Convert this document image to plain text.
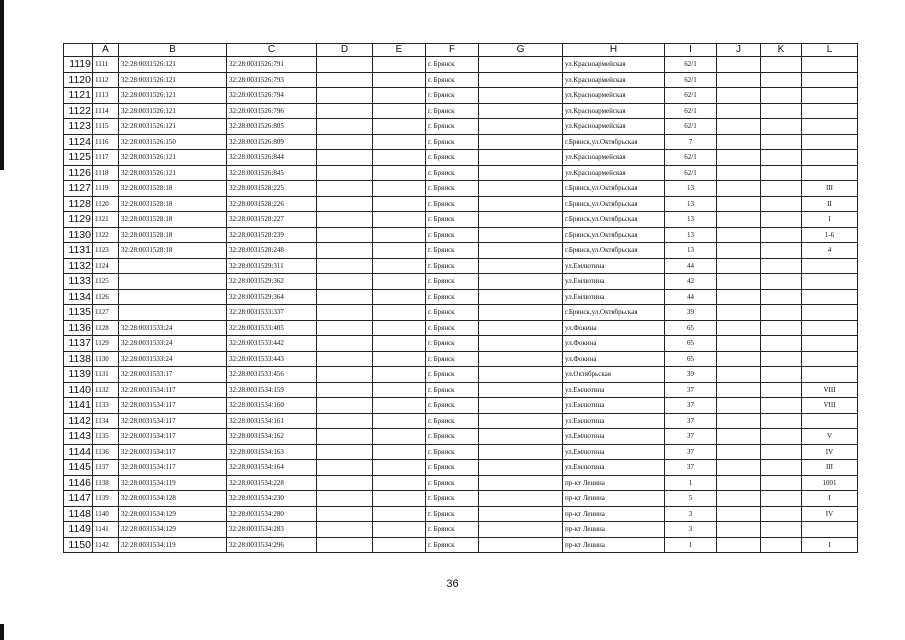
	A	B	C	D	E	F	G	H	I	J	K	L
1119	1111	32:28:0031526:121	32:28:0031526:791			г. Брянск		ул.Красноармейская	62/1			
1120	1112	32:28:0031526:121	32:28:0031526:793			г. Брянск		ул.Красноармейская	62/1			
1121	1113	32:28:0031526:121	32:28:0031526:794			г. Брянск		ул.Красноармейская	62/1			
1122	1114	32:28:0031526:121	32:28:0031526:796			г. Брянск		ул.Красноармейская	62/1			
1123	1115	32:28:0031526:121	32:28:0031526:805			г. Брянск		ул.Красноармейская	62/1			
1124	1116	32:28:0031526:150	32:28:0031526:809			г. Брянск		г.Брянск,ул.Октябрьская	7			
1125	1117	32:28:0031526:121	32:28:0031526:844			г. Брянск		ул.Красноармейская	62/1			
1126	1118	32:28:0031526:121	32:28:0031526:845			г. Брянск		ул.Красноармейская	62/1			
1127	1119	32:28:0031528:18	32:28:0031528:225			г. Брянск		г.Брянск,ул.Октябрьская	13			III
1128	1120	32:28:0031528:18	32:28:0031528:226			г. Брянск		г.Брянск,ул.Октябрьская	13			II
1129	1121	32:28:0031528:18	32:28:0031528:227			г. Брянск		г.Брянск,ул.Октябрьская	13			I
1130	1122	32:28:0031528:18	32:28:0031528:239			г. Брянск		г.Брянск,ул.Октябрьская	13			1-6
1131	1123	32:28:0031528:18	32:28:0031528:248			г. Брянск		г.Брянск,ул.Октябрьская	13			4
1132	1124		32:28:0031529:311			г. Брянск		ул.Емлютина	44			
1133	1125		32:28:0031529:362			г. Брянск		ул.Емлютина	42			
1134	1126		32:28:0031529:364			г. Брянск		ул.Емлютина	44			
1135	1127		32:28:0031533:337			г. Брянск		г.Брянск,ул.Октябрьская	39			
1136	1128	32:28:0031533:24	32:28:0031533:405			г. Брянск		ул.Фокина	65			
1137	1129	32:28:0031533:24	32:28:0031533:442			г. Брянск		ул.Фокина	65			
1138	1130	32:28:0031533:24	32:28:0031533:443			г. Брянск		ул.Фокина	65			
1139	1131	32:28:0031533:17	32:28:0031533:456			г. Брянск		ул.Октябрьская	39			
1140	1132	32:28:0031534:117	32:28:0031534:159			г. Брянск		ул.Емлютина	37			VIII
1141	1133	32:28:0031534:117	32:28:0031534:160			г. Брянск		ул.Емлютина	37			VIII
1142	1134	32:28:0031534:117	32:28:0031534:161			г. Брянск		ул.Емлютина	37			
1143	1135	32:28:0031534:117	32:28:0031534:162			г. Брянск		ул.Емлютина	37			V
1144	1136	32:28:0031534:117	32:28:0031534:163			г. Брянск		ул.Емлютина	37			IV
1145	1137	32:28:0031534:117	32:28:0031534:164			г. Брянск		ул.Емлютина	37			III
1146	1138	32:28:0031534:119	32:28:0031534:228			г. Брянск		пр-кт Ленина	1			1001
1147	1139	32:28:0031534:128	32:28:0031534:230			г. Брянск		пр-кт Ленина	5			I
1148	1140	32:28:0031534:129	32:28:0031534:280			г. Брянск		пр-кт Ленина	3			IV
1149	1141	32:28:0031534:129	32:28:0031534:283			г. Брянск		пр-кт Ленина	3			
1150	1142	32:28:0031534:119	32:28:0031534:296			г. Брянск		пр-кт Ленина	1			I
36
